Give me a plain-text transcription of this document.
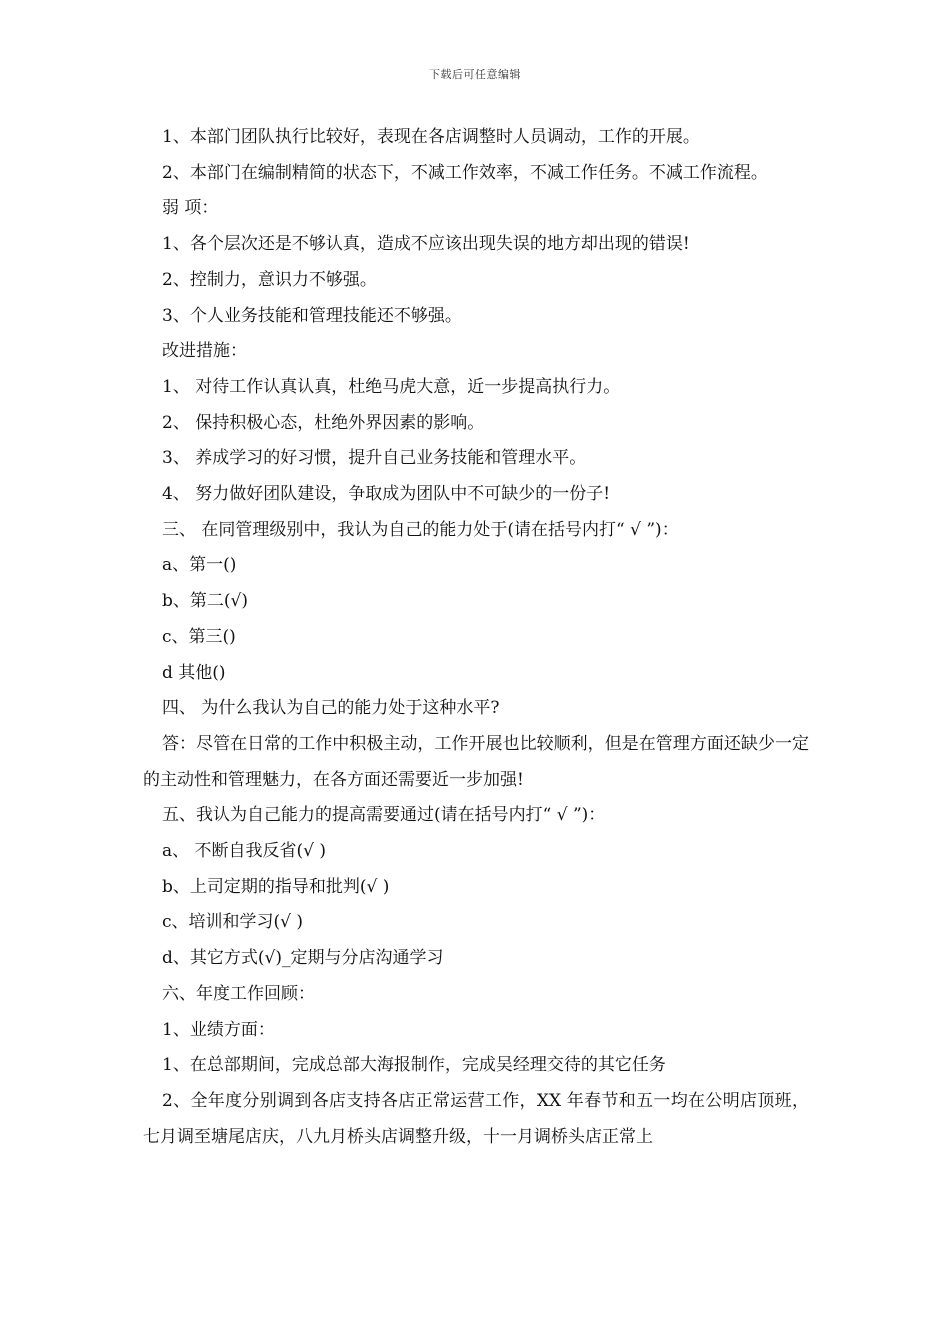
下载后可任意编辑

1、本部门团队执行比较好，表现在各店调整时人员调动，工作的开展。

2、本部门在编制精简的状态下，不减工作效率，不减工作任务。不减工作流程。

弱 项：

1、各个层次还是不够认真，造成不应该出现失误的地方却出现的错误!

2、控制力，意识力不够强。

3、个人业务技能和管理技能还不够强。

改进措施：

1、 对待工作认真认真，杜绝马虎大意，近一步提高执行力。

2、 保持积极心态，杜绝外界因素的影响。

3、 养成学习的好习惯，提升自己业务技能和管理水平。

4、 努力做好团队建设，争取成为团队中不可缺少的一份子!

三、 在同管理级别中，我认为自己的能力处于(请在括号内打“ √ ”)：

a、第一()

b、第二(√)

c、第三()

d 其他()

四、 为什么我认为自己的能力处于这种水平?

答：尽管在日常的工作中积极主动，工作开展也比较顺利，但是在管理方面还缺少一定的主动性和管理魅力，在各方面还需要近一步加强!

五、我认为自己能力的提高需要通过(请在括号内打“ √ ”)：

a、 不断自我反省(√ )

b、上司定期的指导和批判(√ )

c、培训和学习(√ )

d、其它方式(√)_定期与分店沟通学习

六、年度工作回顾：

1、业绩方面：

1、在总部期间，完成总部大海报制作，完成吴经理交待的其它任务

2、全年度分别调到各店支持各店正常运营工作，XX 年春节和五一均在公明店顶班，七月调至塘尾店庆，八九月桥头店调整升级，十一月调桥头店正常上
